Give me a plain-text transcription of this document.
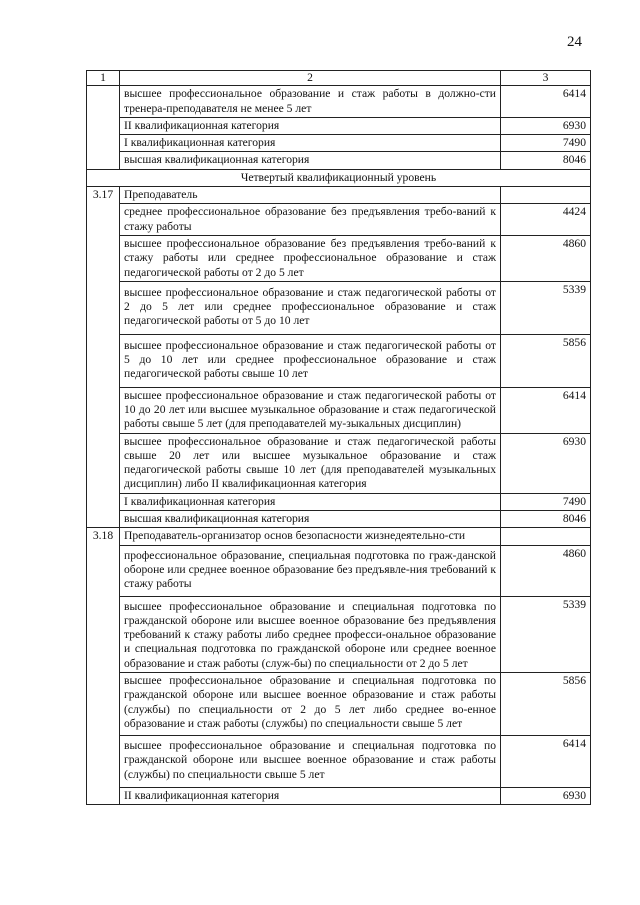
24
1	2	3
	высшее профессиональное образование и стаж работы в должно-сти тренера-преподавателя не менее 5 лет	6414
	II квалификационная категория	6930
	I квалификационная категория	7490
	высшая квалификационная категория	8046
Четвертый квалификационный уровень		
3.17	Преподаватель	
	среднее профессиональное образование без предъявления требо-ваний к стажу работы	4424
	высшее профессиональное образование без предъявления требо-ваний к стажу работы или среднее профессиональное образование и стаж педагогической работы от 2 до 5 лет	4860
	высшее профессиональное образование и стаж педагогической работы от 2 до 5 лет или среднее профессиональное образование и стаж педагогической работы от 5 до 10 лет	5339
	высшее профессиональное образование и стаж педагогической работы от 5 до 10 лет или среднее профессиональное образование и стаж педагогической работы свыше 10 лет	5856
	высшее профессиональное образование и стаж педагогической работы от 10 до 20 лет или высшее музыкальное образование и стаж педагогической работы свыше 5 лет (для преподавателей му-зыкальных дисциплин)	6414
	высшее профессиональное образование и стаж педагогической работы свыше 20 лет или высшее музыкальное образование и стаж педагогической работы свыше 10 лет (для преподавателей музыкальных дисциплин) либо II квалификационная категория	6930
	I квалификационная категория	7490
	высшая квалификационная категория	8046
3.18	Преподаватель-организатор основ безопасности жизнедеятельно-сти	
	профессиональное образование, специальная подготовка по граж-данской обороне или среднее военное образование без предъявле-ния требований к стажу работы	4860
	высшее профессиональное образование и специальная подготовка по гражданской обороне или высшее военное образование без предъявления требований к стажу работы либо среднее професси-ональное образование и специальная подготовка по гражданской обороне или среднее военное образование и стаж работы (служ-бы) по специальности от 2 до 5 лет	5339
	высшее профессиональное образование и специальная подготовка по гражданской обороне или высшее военное образование и стаж работы (службы) по специальности от 2 до 5 лет либо среднее во-енное образование и стаж работы (службы) по специальности свыше 5 лет	5856
	высшее профессиональное образование и специальная подготовка по гражданской обороне или высшее военное образование и стаж работы (службы) по специальности свыше 5 лет	6414
	II квалификационная категория	6930
